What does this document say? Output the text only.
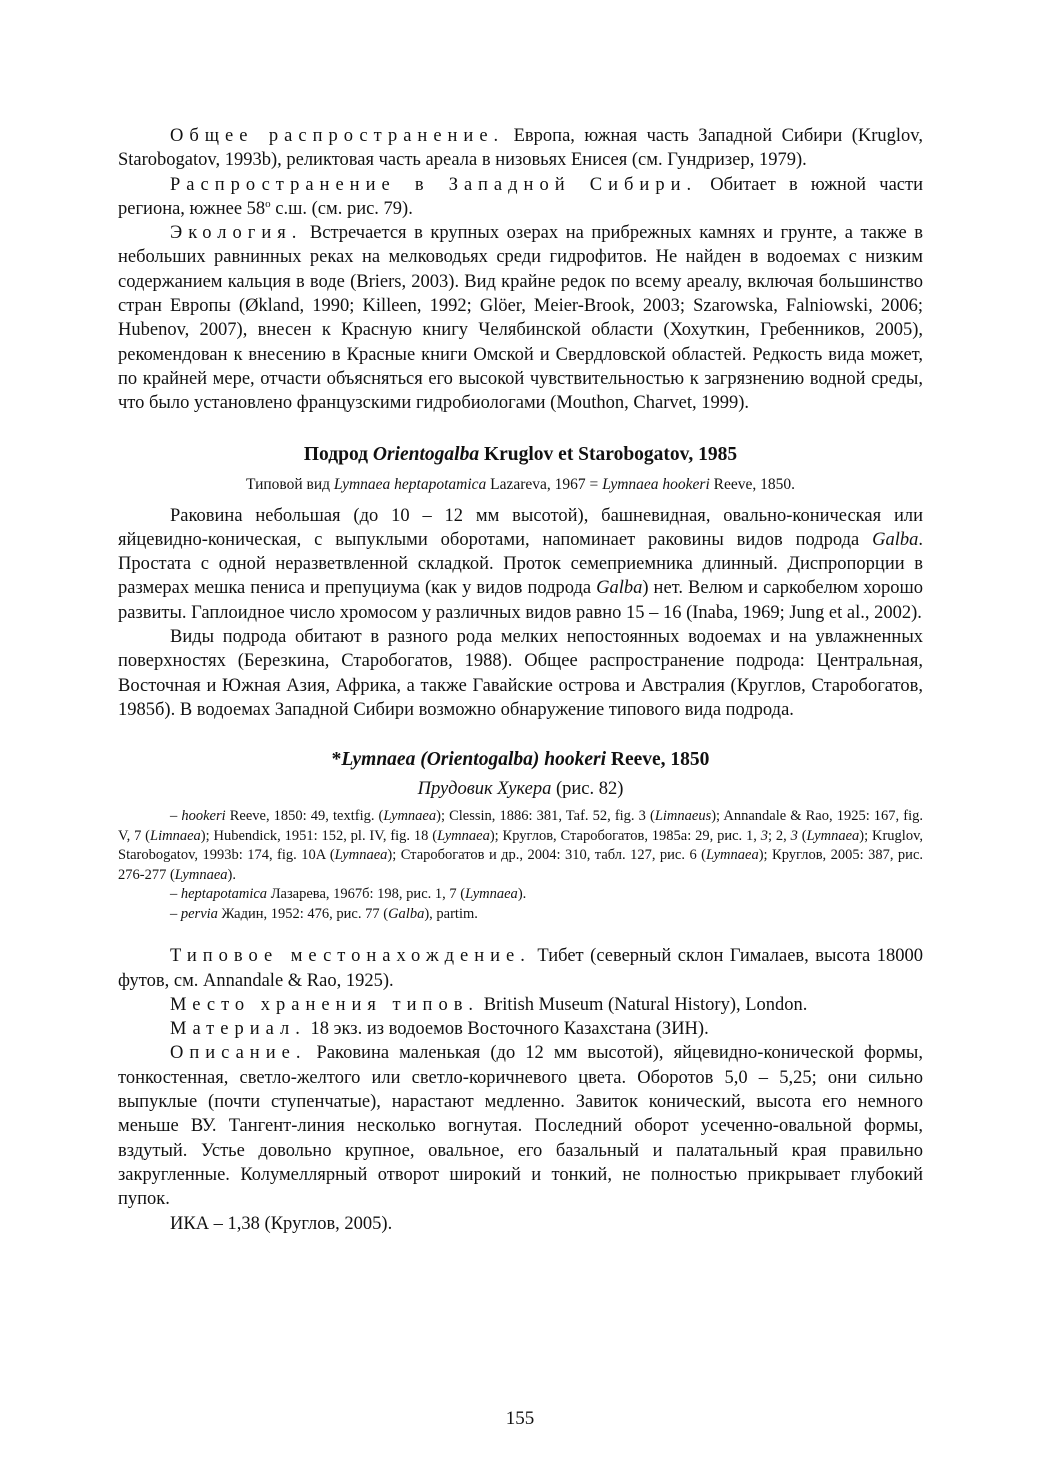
Общее распространение. Европа, южная часть Западной Сибири (Kruglov, Starobogatov, 1993b), реликтовая часть ареала в низовьях Енисея (см. Гундризер, 1979).

Распространение в Западной Сибири. Обитает в южной части региона, южнее 58$^o$ с.ш. (см. рис. 79).

Экология. Встречается в крупных озерах на прибрежных камнях и грунте, а также в небольших равнинных реках на мелководьях среди гидрофитов. Не найден в водоемах с низким содержанием кальция в воде (Briers, 2003). Вид крайне редок по всему ареалу, включая большинство стран Европы (Økland, 1990; Killeen, 1992; Glöer, Meier-Brook, 2003; Szarowska, Falniowski, 2006; Hubenov, 2007), внесен к Красную книгу Челябинской области (Хохуткин, Гребенников, 2005), рекомендован к внесению в Красные книги Омской и Свердловской областей. Редкость вида может, по крайней мере, отчасти объясняться его высокой чувствительностью к загрязнению водной среды, что было установлено французскими гидробиологами (Mouthon, Charvet, 1999).

Подрод Orientogalba Kruglov et Starobogatov, 1985

Типовой вид Lymnaea heptapotamica Lazareva, 1967 = Lymnaea hookeri Reeve, 1850.

Раковина небольшая (до 10 – 12 мм высотой), башневидная, овально-коническая или яйцевидно-коническая, с выпуклыми оборотами, напоминает раковины видов подрода Galba. Простата с одной неразветвленной складкой. Проток семеприемника длинный. Диспропорции в размерах мешка пениса и препуциума (как у видов подрода Galba) нет. Велюм и саркобелюм хорошо развиты. Гаплоидное число хромосом у различных видов равно 15 – 16 (Inaba, 1969; Jung et al., 2002).

Виды подрода обитают в разного рода мелких непостоянных водоемах и на увлажненных поверхностях (Березкина, Старобогатов, 1988). Общее распространение подрода: Центральная, Восточная и Южная Азия, Африка, а также Гавайские острова и Австралия (Круглов, Старобогатов, 1985б). В водоемах Западной Сибири возможно обнаружение типового вида подрода.

*Lymnaea (Orientogalba) hookeri Reeve, 1850

Прудовик Хукера (рис. 82)

– hookeri Reeve, 1850: 49, textfig. (Lymnaea); Clessin, 1886: 381, Taf. 52, fig. 3 (Limnaeus); Annandale & Rao, 1925: 167, fig. V, 7 (Limnaea); Hubendick, 1951: 152, pl. IV, fig. 18 (Lymnaea); Круглов, Старобогатов, 1985а: 29, рис. 1, 3; 2, 3 (Lymnaea); Kruglov, Starobogatov, 1993b: 174, fig. 10A (Lymnaea); Старобогатов и др., 2004: 310, табл. 127, рис. 6 (Lymnaea); Круглов, 2005: 387, рис. 276-277 (Lymnaea).

– heptapotamica Лазарева, 1967б: 198, рис. 1, 7 (Lymnaea).

– pervia Жадин, 1952: 476, рис. 77 (Galba), partim.

Типовое местонахождение. Тибет (северный склон Гималаев, высота 18000 футов, см. Annandale & Rao, 1925).

Место хранения типов. British Museum (Natural History), London.

Материал. 18 экз. из водоемов Восточного Казахстана (ЗИН).

Описание. Раковина маленькая (до 12 мм высотой), яйцевидно-конической формы, тонкостенная, светло-желтого или светло-коричневого цвета. Оборотов 5,0 – 5,25; они сильно выпуклые (почти ступенчатые), нарастают медленно. Завиток конический, высота его немного меньше ВУ. Тангент-линия несколько вогнутая. Последний оборот усеченно-овальной формы, вздутый. Устье довольно крупное, овальное, его базальный и палатальный края правильно закругленные. Колумеллярный отворот широкий и тонкий, не полностью прикрывает глубокий пупок.

ИКА – 1,38 (Круглов, 2005).

155
